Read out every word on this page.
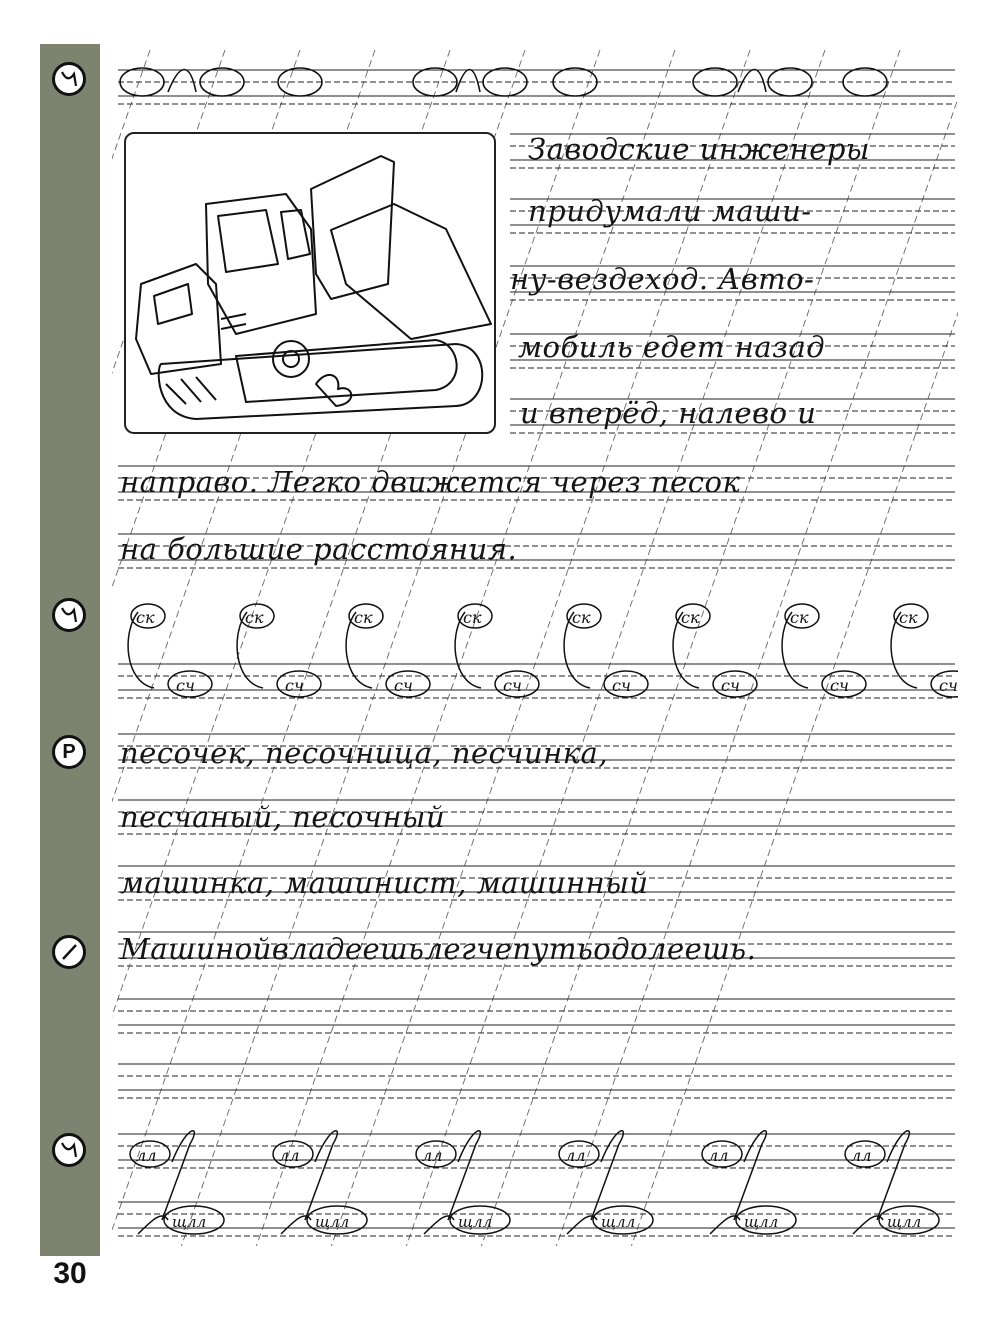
Р
30
Заводские инженеры
придумали маши-
ну-вездеход. Авто-
мобиль едет назад
и вперёд, налево и
направо. Легко движется через песок
на большие расстояния.
ск
сч
ск
сч
ск
сч
ск
сч
ск
сч
ск
сч
ск
сч
ск
сч
песочек, песочница, песчинка,
песчаный, песочный
машинка, машинист, машинный
Машинойвладеешьлегчепутьодолеешь.
лл
щлл
лл
щлл
лл
щлл
лл
щлл
лл
щлл
лл
щлл
